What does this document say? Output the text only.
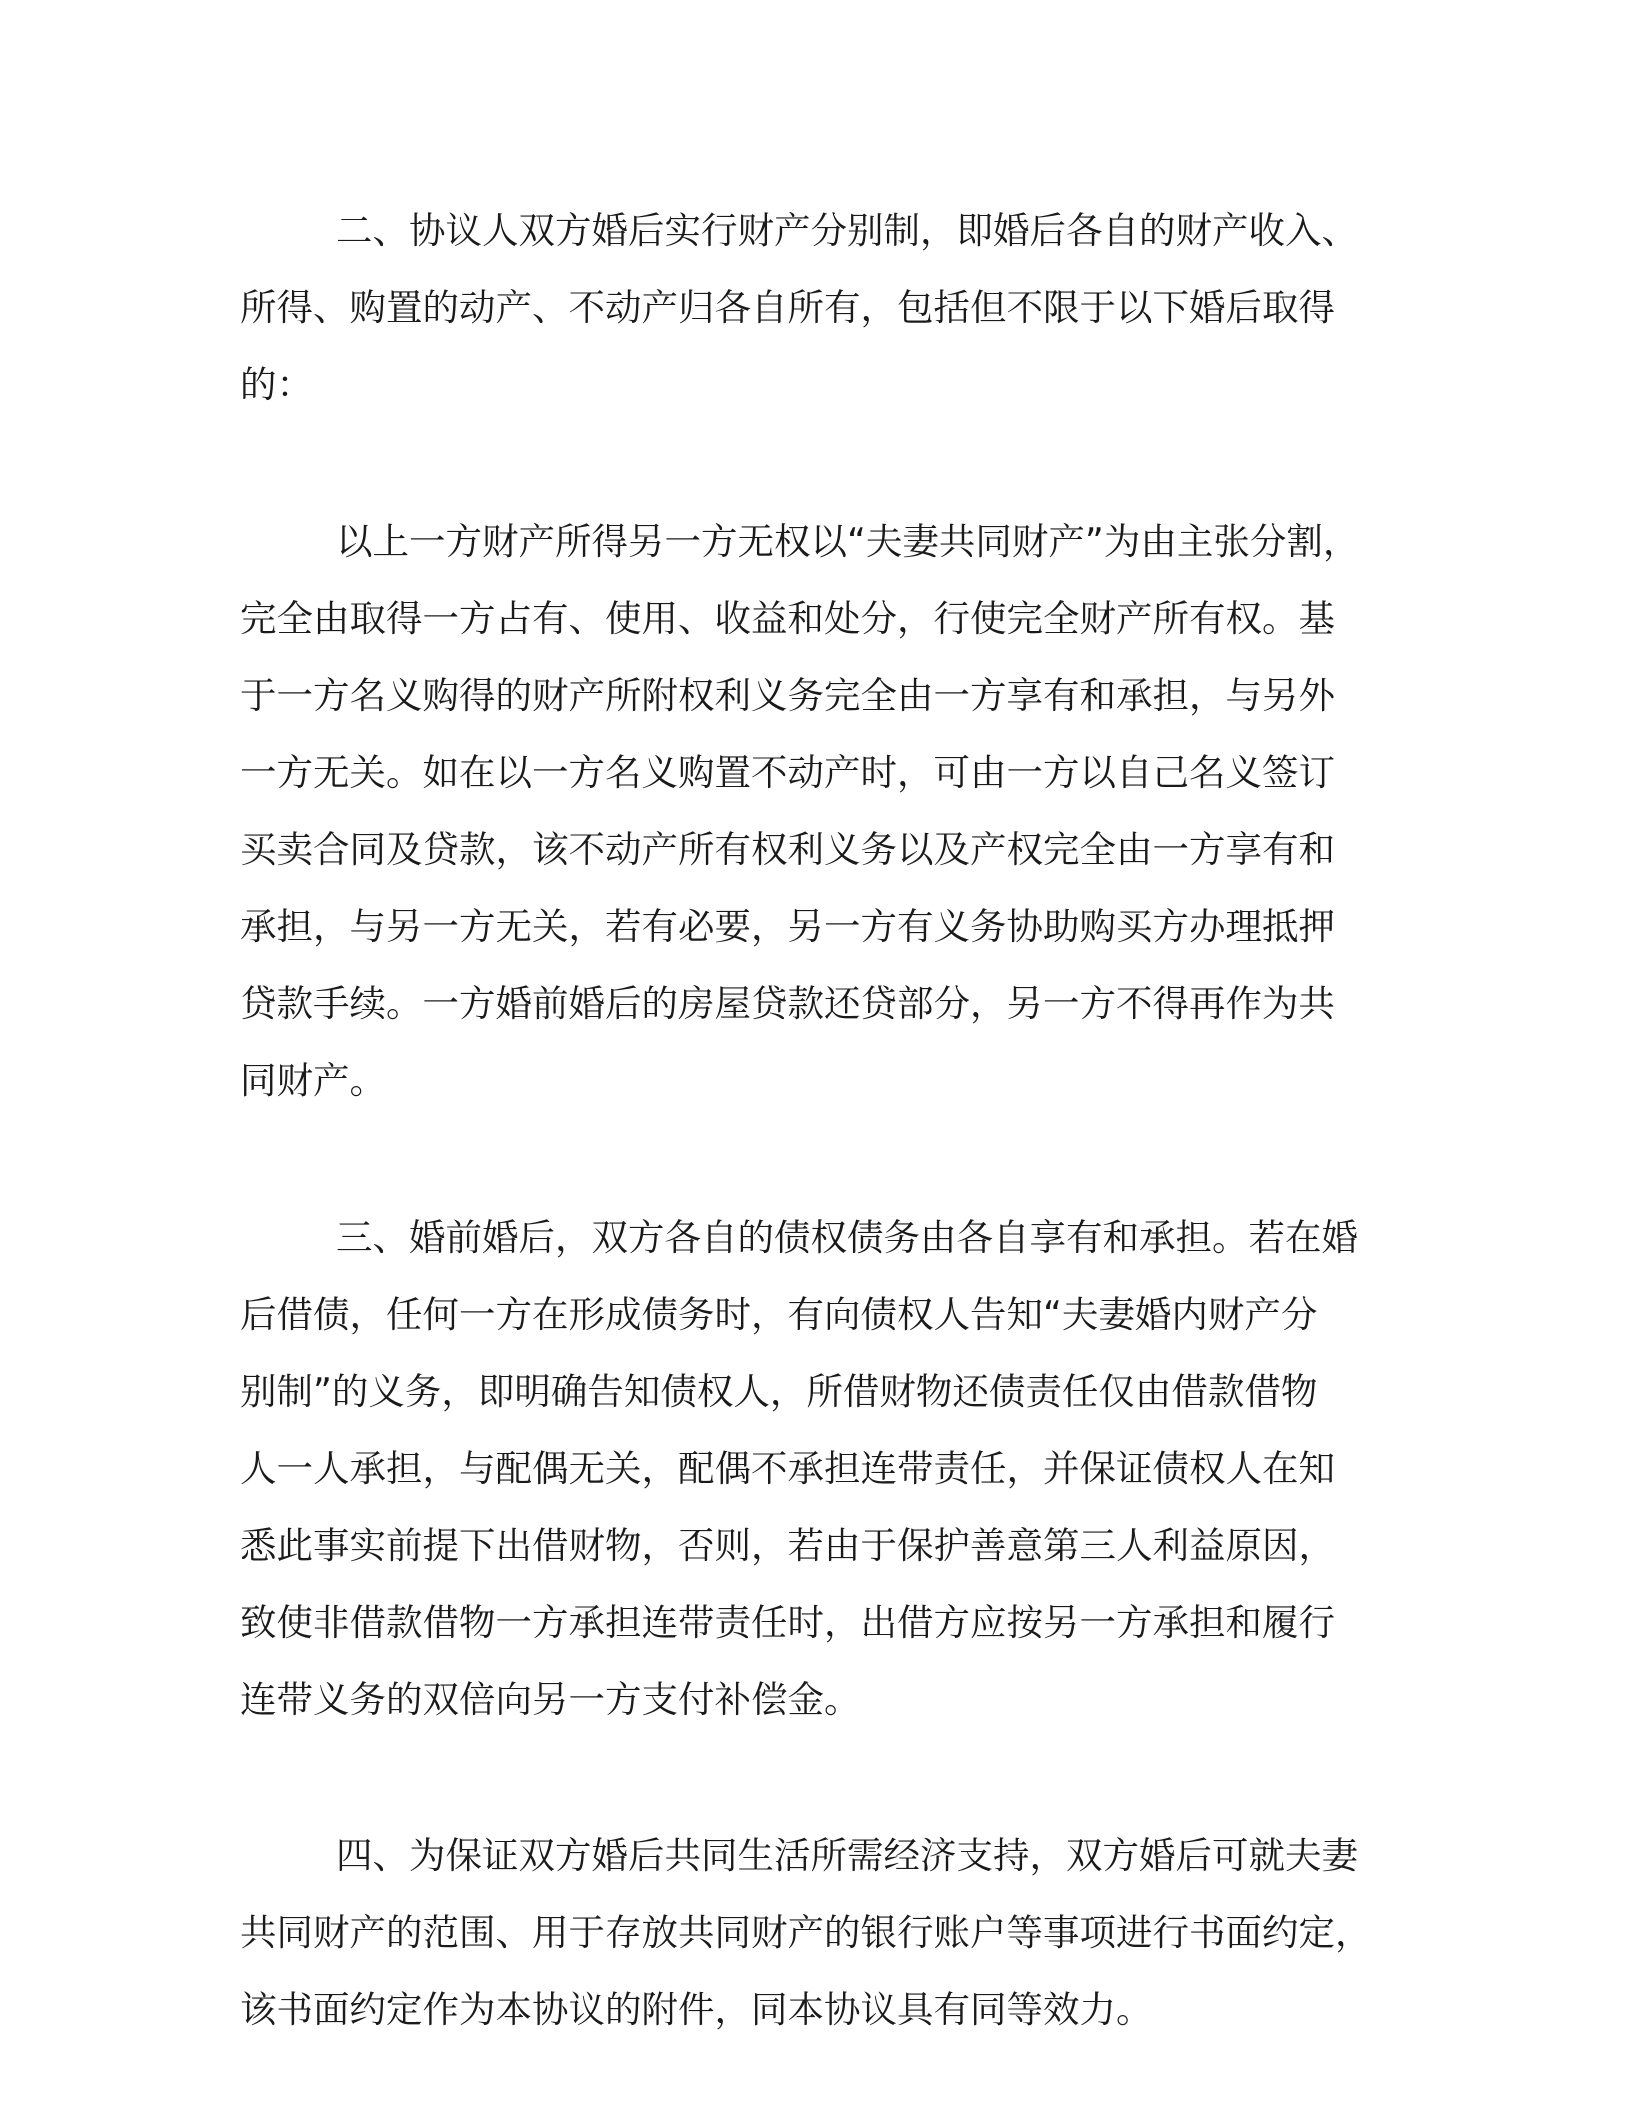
二、协议人双方婚后实行财产分别制，即婚后各自的财产收入、
所得、购置的动产、不动产归各自所有，包括但不限于以下婚后取得
的：
以上一方财产所得另一方无权以“夫妻共同财产”为由主张分割，
完全由取得一方占有、使用、收益和处分，行使完全财产所有权。基
于一方名义购得的财产所附权利义务完全由一方享有和承担，与另外
一方无关。如在以一方名义购置不动产时，可由一方以自己名义签订
买卖合同及贷款，该不动产所有权利义务以及产权完全由一方享有和
承担，与另一方无关，若有必要，另一方有义务协助购买方办理抵押
贷款手续。一方婚前婚后的房屋贷款还贷部分，另一方不得再作为共
同财产。
三、婚前婚后，双方各自的债权债务由各自享有和承担。若在婚
后借债，任何一方在形成债务时，有向债权人告知“夫妻婚内财产分
别制”的义务，即明确告知债权人，所借财物还债责任仅由借款借物
人一人承担，与配偶无关，配偶不承担连带责任，并保证债权人在知
悉此事实前提下出借财物，否则，若由于保护善意第三人利益原因，
致使非借款借物一方承担连带责任时，出借方应按另一方承担和履行
连带义务的双倍向另一方支付补偿金。
四、为保证双方婚后共同生活所需经济支持，双方婚后可就夫妻
共同财产的范围、用于存放共同财产的银行账户等事项进行书面约定，
该书面约定作为本协议的附件，同本协议具有同等效力。
